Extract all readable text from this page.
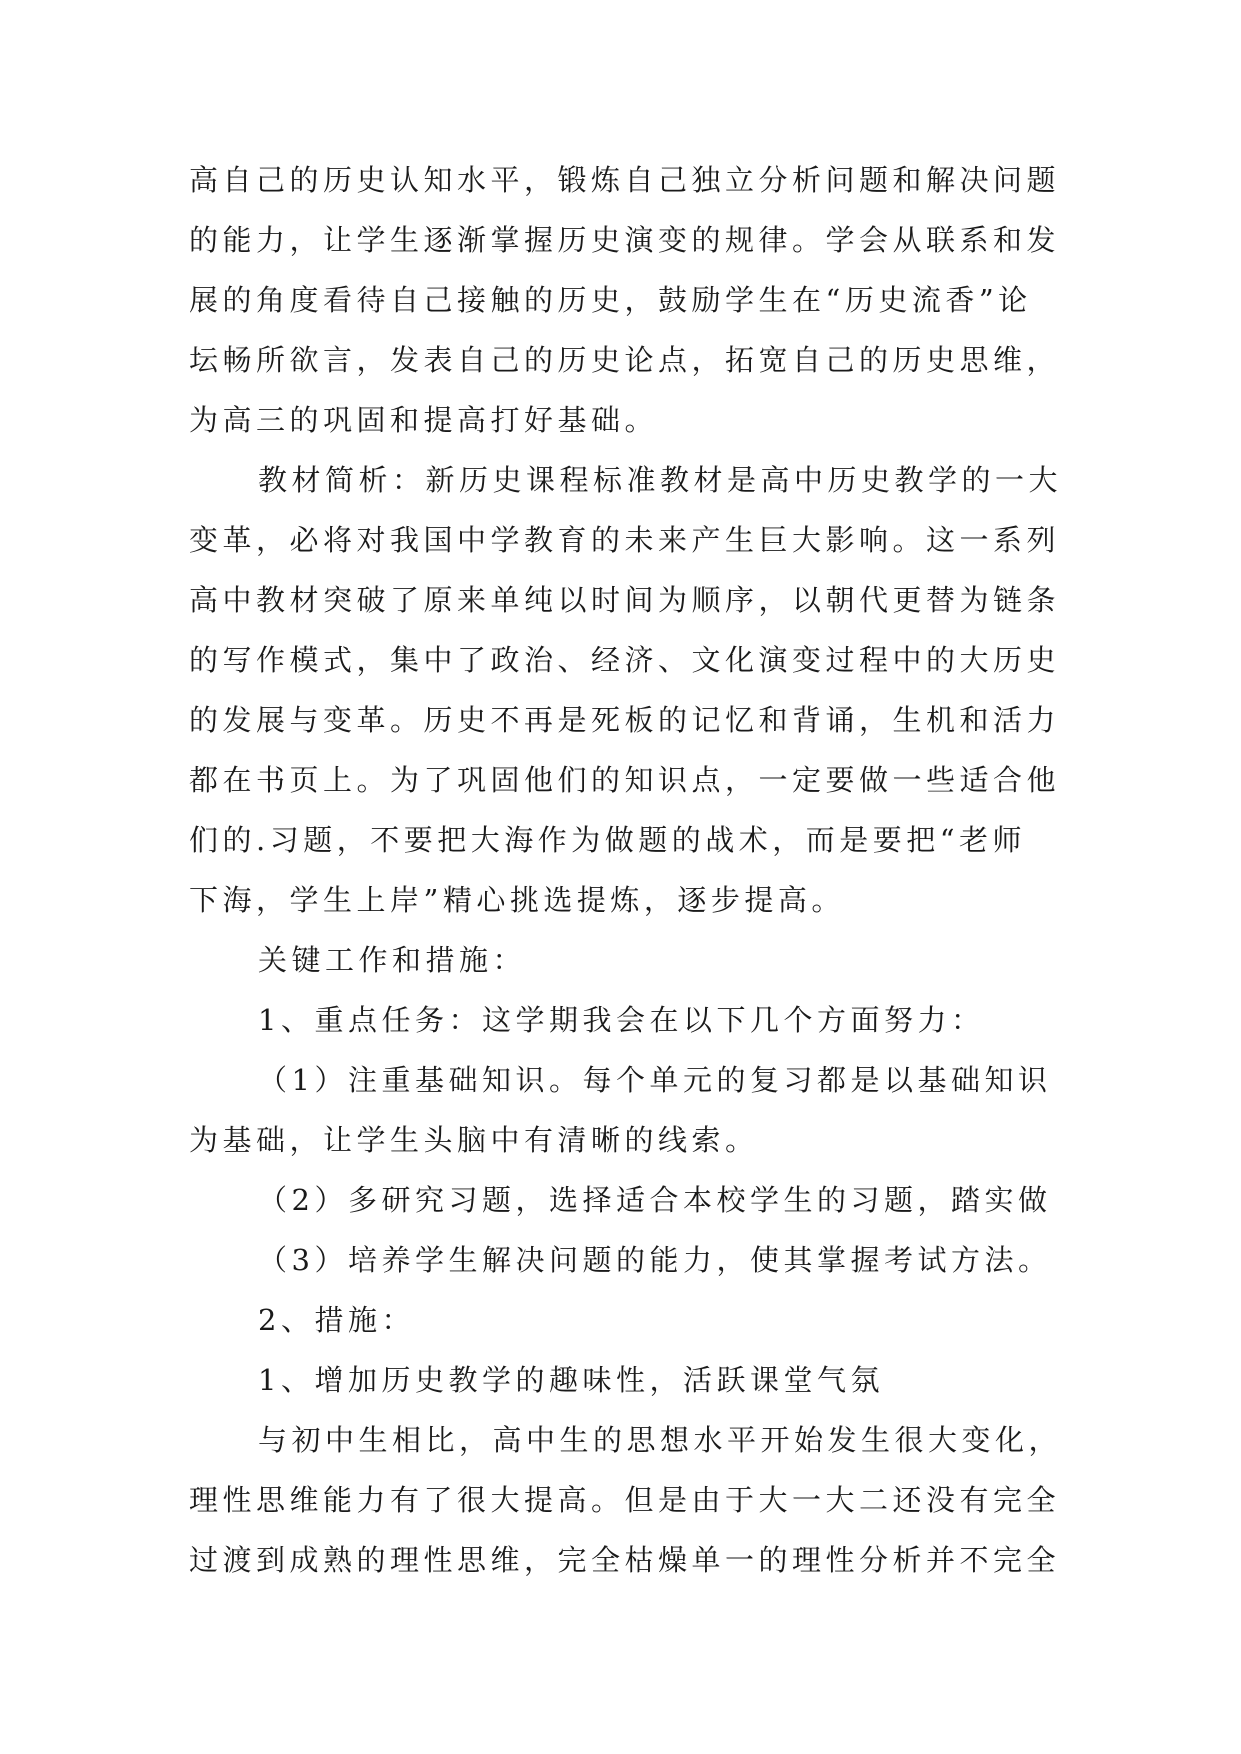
高自己的历史认知水平，锻炼自己独立分析问题和解决问题
的能力，让学生逐渐掌握历史演变的规律。学会从联系和发
展的角度看待自己接触的历史，鼓励学生在“历史流香”论
坛畅所欲言，发表自己的历史论点，拓宽自己的历史思维，
为高三的巩固和提高打好基础。
教材简析：新历史课程标准教材是高中历史教学的一大
变革，必将对我国中学教育的未来产生巨大影响。这一系列
高中教材突破了原来单纯以时间为顺序，以朝代更替为链条
的写作模式，集中了政治、经济、文化演变过程中的大历史
的发展与变革。历史不再是死板的记忆和背诵，生机和活力
都在书页上。为了巩固他们的知识点，一定要做一些适合他
们的.习题，不要把大海作为做题的战术，而是要把“老师
下海，学生上岸”精心挑选提炼，逐步提高。
关键工作和措施：
1、重点任务：这学期我会在以下几个方面努力：
（1）注重基础知识。每个单元的复习都是以基础知识
为基础，让学生头脑中有清晰的线索。
（2）多研究习题，选择适合本校学生的习题，踏实做
（3）培养学生解决问题的能力，使其掌握考试方法。
2、措施：
1、增加历史教学的趣味性，活跃课堂气氛
与初中生相比，高中生的思想水平开始发生很大变化，
理性思维能力有了很大提高。但是由于大一大二还没有完全
过渡到成熟的理性思维，完全枯燥单一的理性分析并不完全
